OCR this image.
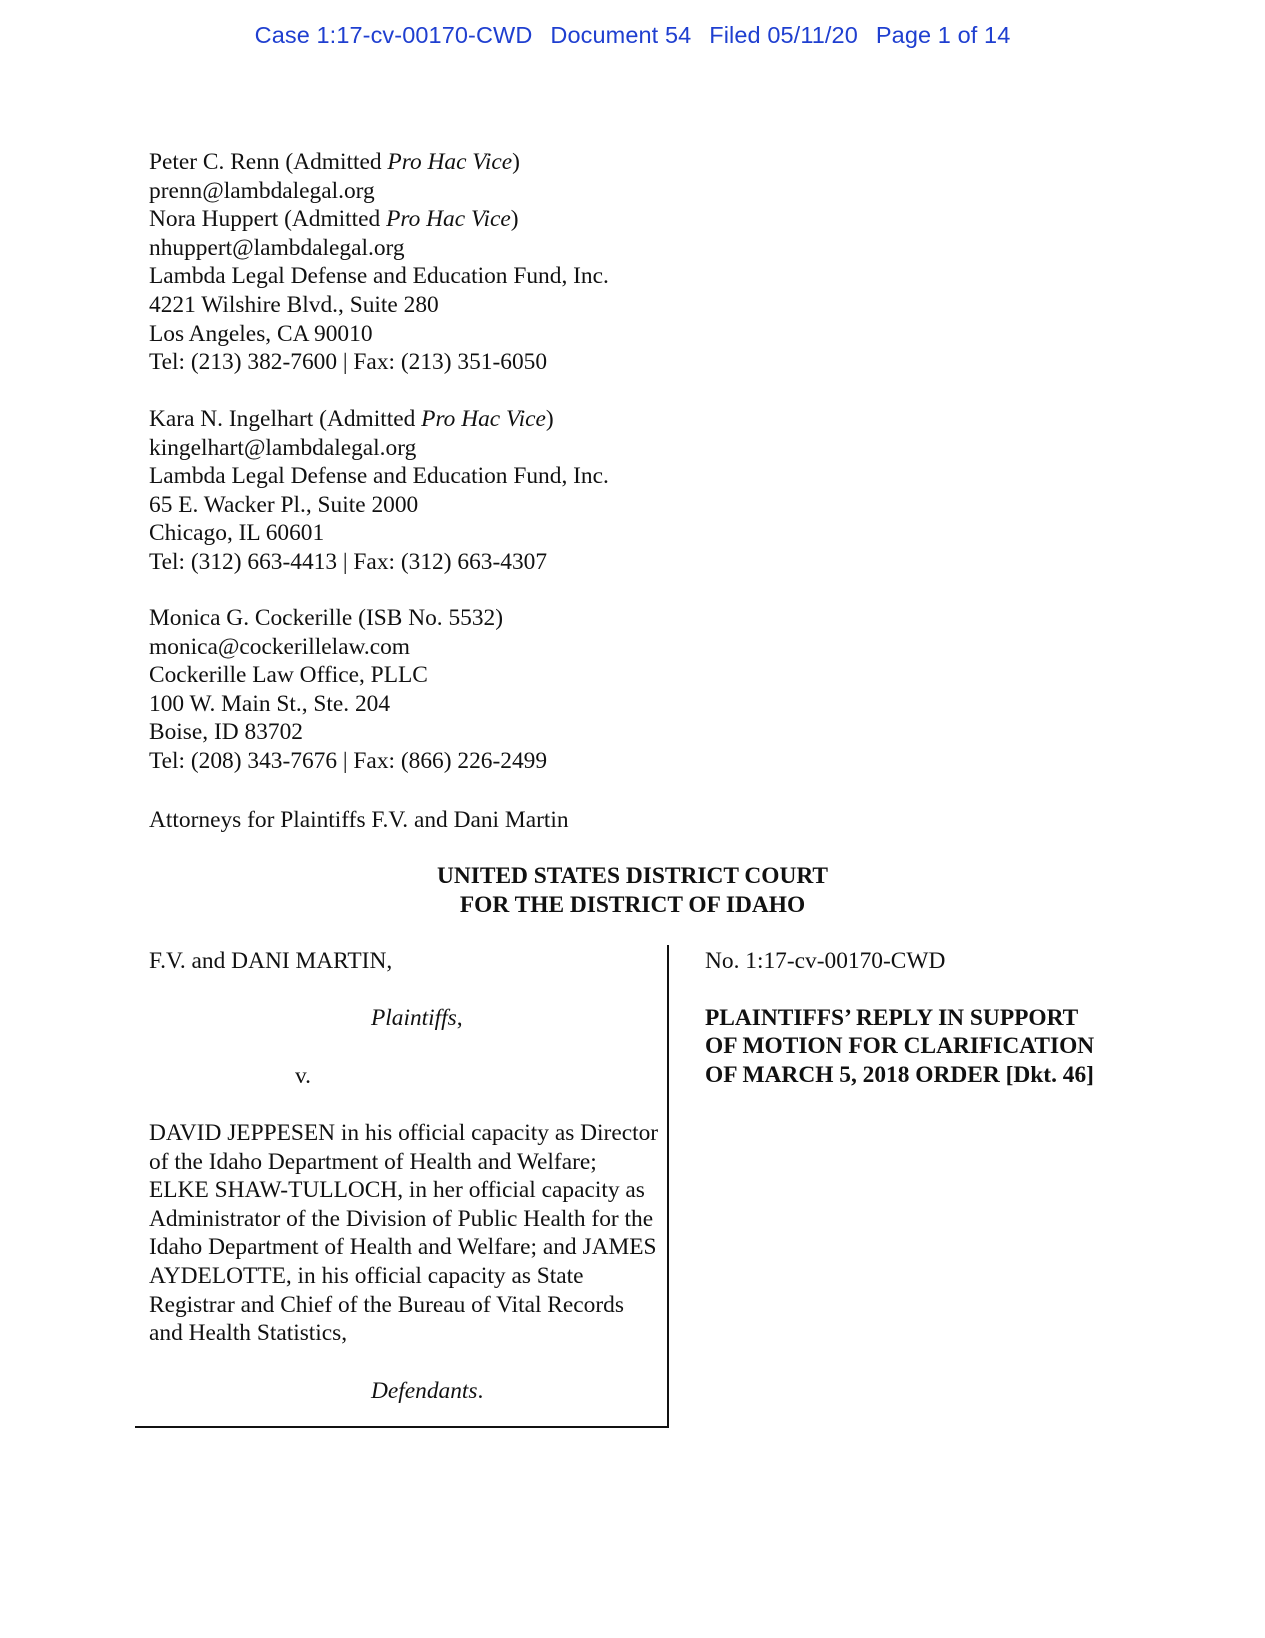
Case 1:17-cv-00170-CWD Document 54 Filed 05/11/20 Page 1 of 14
Peter C. Renn (Admitted Pro Hac Vice)
prenn@lambdalegal.org
Nora Huppert (Admitted Pro Hac Vice)
nhuppert@lambdalegal.org
Lambda Legal Defense and Education Fund, Inc.
4221 Wilshire Blvd., Suite 280
Los Angeles, CA 90010
Tel: (213) 382-7600 | Fax: (213) 351-6050
Kara N. Ingelhart (Admitted Pro Hac Vice)
kingelhart@lambdalegal.org
Lambda Legal Defense and Education Fund, Inc.
65 E. Wacker Pl., Suite 2000
Chicago, IL 60601
Tel: (312) 663-4413 | Fax: (312) 663-4307
Monica G. Cockerille (ISB No. 5532)
monica@cockerillelaw.com
Cockerille Law Office, PLLC
100 W. Main St., Ste. 204
Boise, ID 83702
Tel: (208) 343-7676 | Fax: (866) 226-2499
Attorneys for Plaintiffs F.V. and Dani Martin
UNITED STATES DISTRICT COURT
FOR THE DISTRICT OF IDAHO
F.V. and DANI MARTIN,
Plaintiffs,
v.
DAVID JEPPESEN in his official capacity as Director of the Idaho Department of Health and Welfare; ELKE SHAW-TULLOCH, in her official capacity as Administrator of the Division of Public Health for the Idaho Department of Health and Welfare; and JAMES AYDELOTTE, in his official capacity as State Registrar and Chief of the Bureau of Vital Records and Health Statistics,
Defendants.
No. 1:17-cv-00170-CWD
PLAINTIFFS’ REPLY IN SUPPORT
OF MOTION FOR CLARIFICATION
OF MARCH 5, 2018 ORDER [Dkt. 46]
